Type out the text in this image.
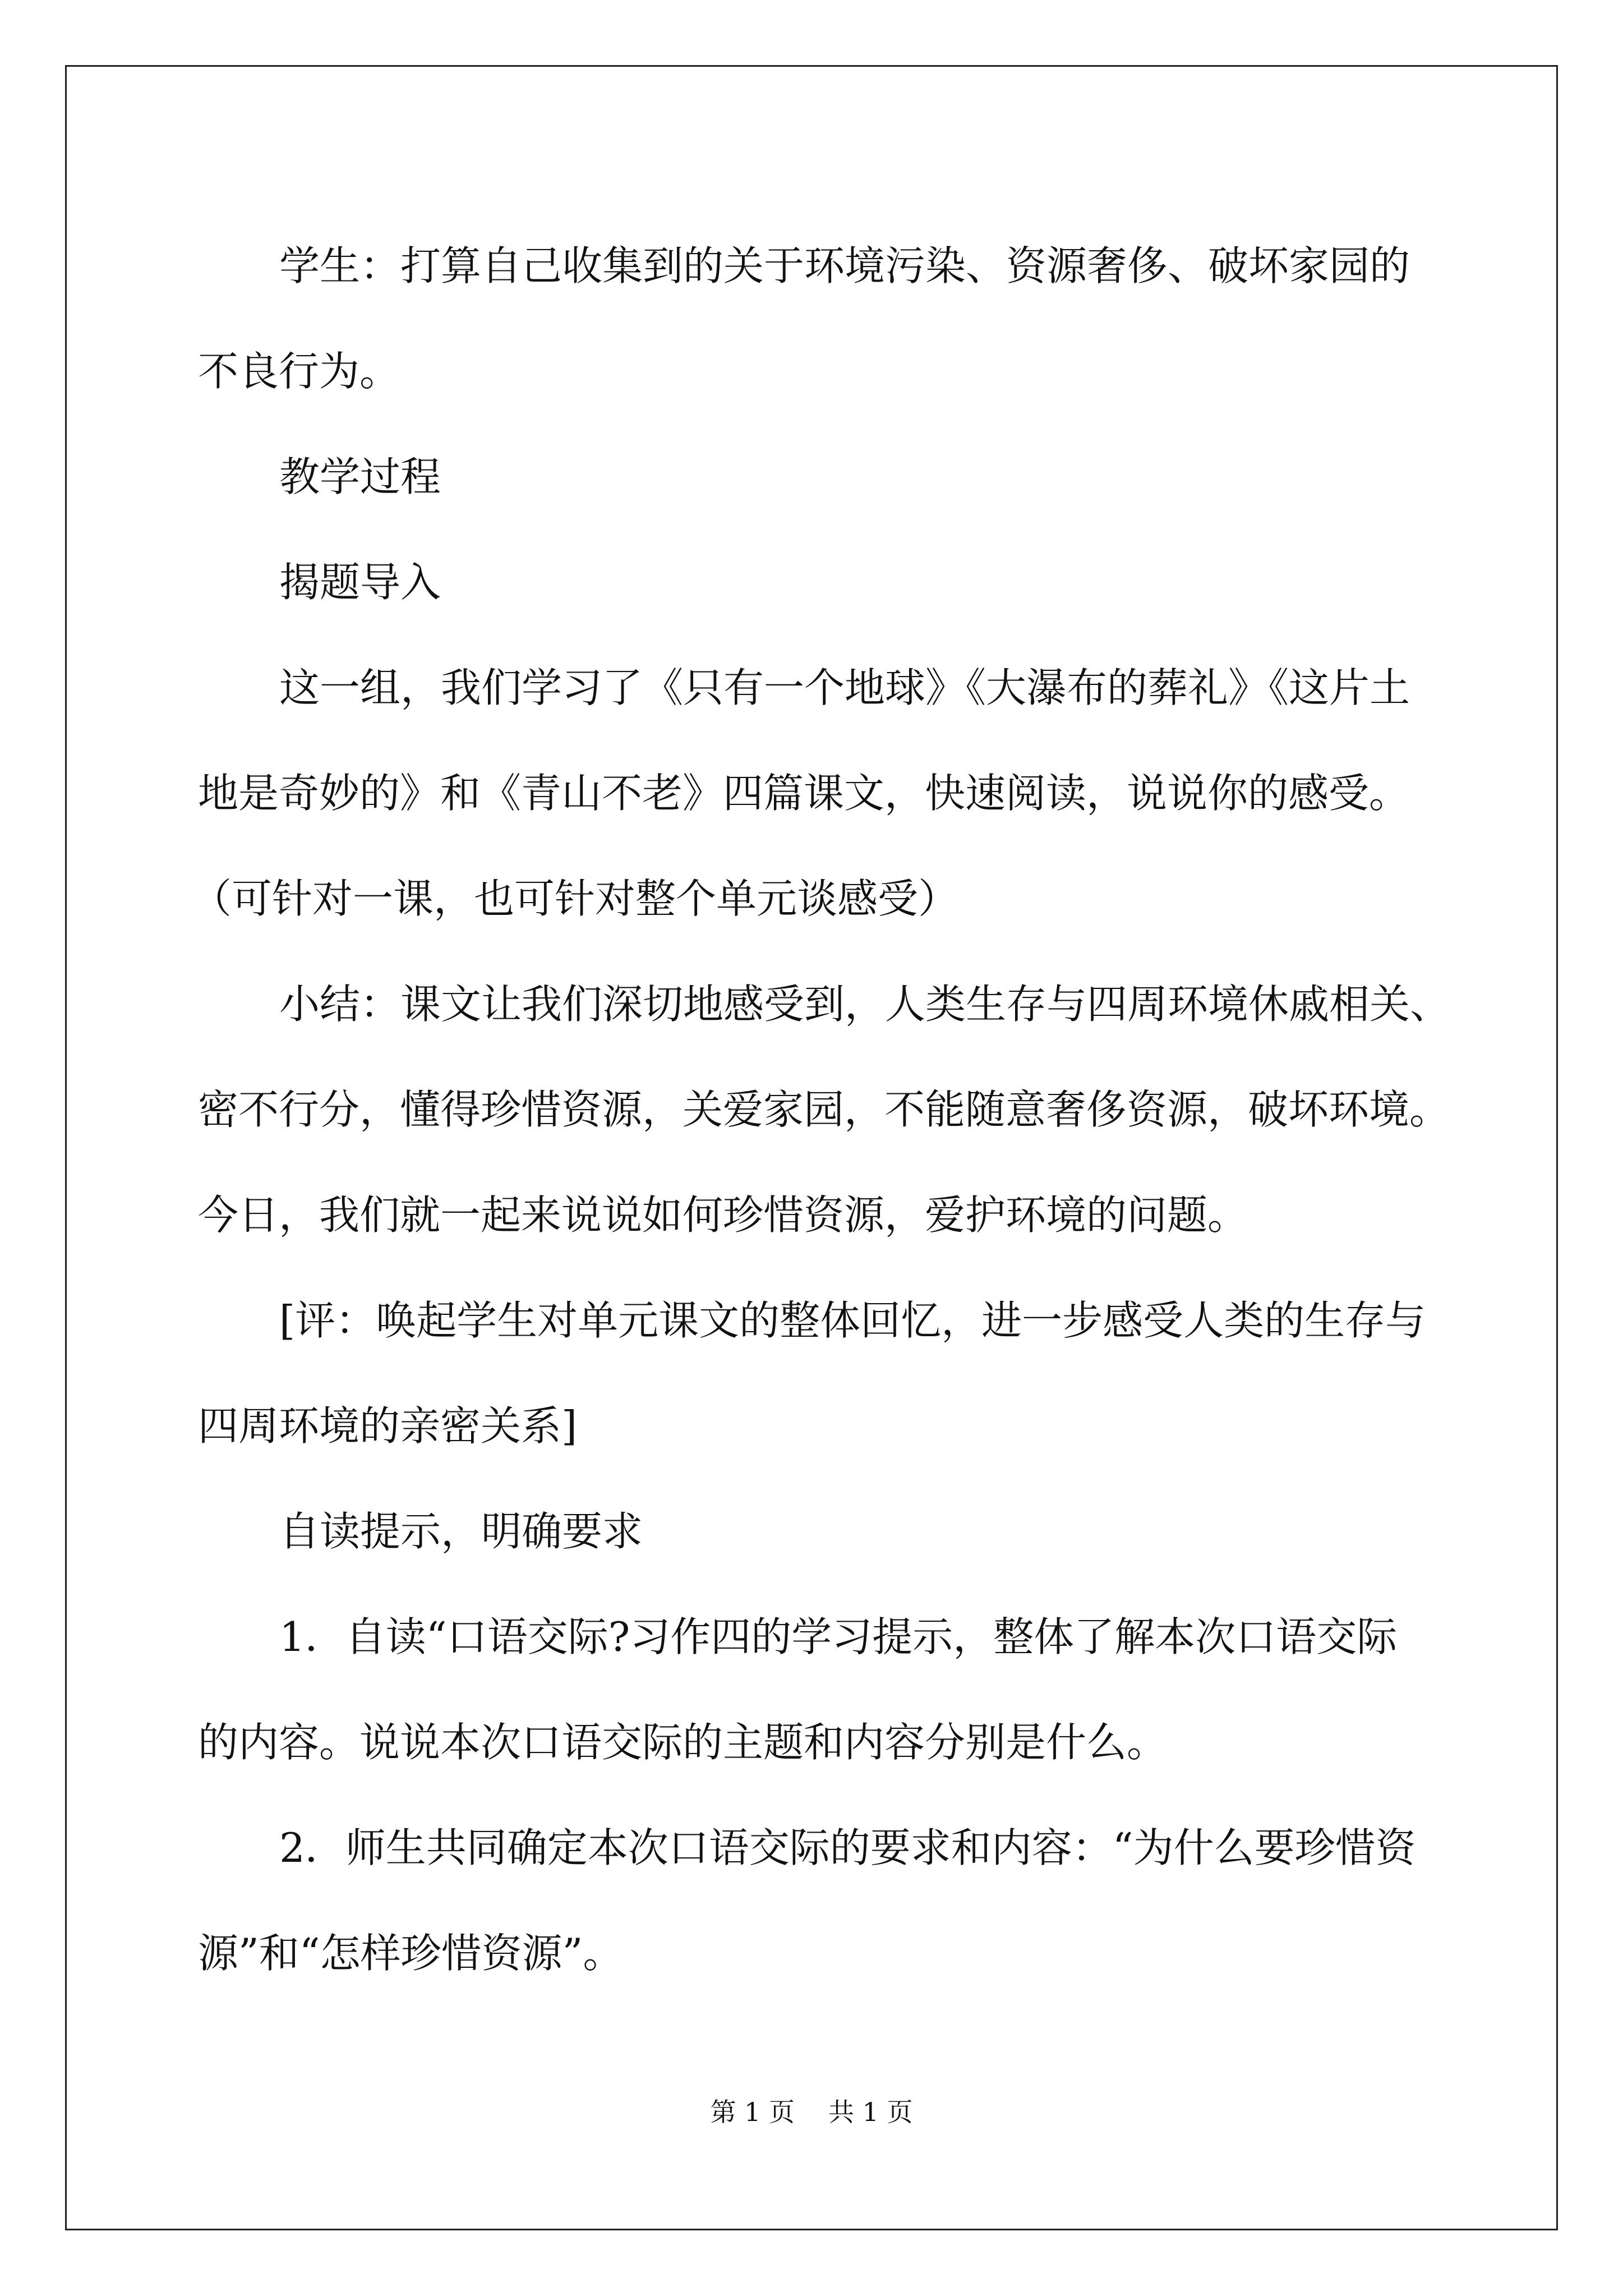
学生：打算自己收集到的关于环境污染、资源奢侈、破坏家园的
不良行为。

教学过程

揭题导入

这一组，我们学习了《只有一个地球》《大瀑布的葬礼》《这片土
地是奇妙的》和《青山不老》四篇课文，快速阅读，说说你的感受。
（可针对一课，也可针对整个单元谈感受）

小结：课文让我们深切地感受到，人类生存与四周环境休戚相关、
密不行分，懂得珍惜资源，关爱家园，不能随意奢侈资源，破坏环境。
今日，我们就一起来说说如何珍惜资源，爱护环境的问题。

[评：唤起学生对单元课文的整体回忆，进一步感受人类的生存与
四周环境的亲密关系]

自读提示，明确要求

1．自读“口语交际?习作四的学习提示，整体了解本次口语交际
的内容。说说本次口语交际的主题和内容分别是什么。

2．师生共同确定本次口语交际的要求和内容：“为什么要珍惜资
源”和“怎样珍惜资源”。

第 1 页 共 1 页
